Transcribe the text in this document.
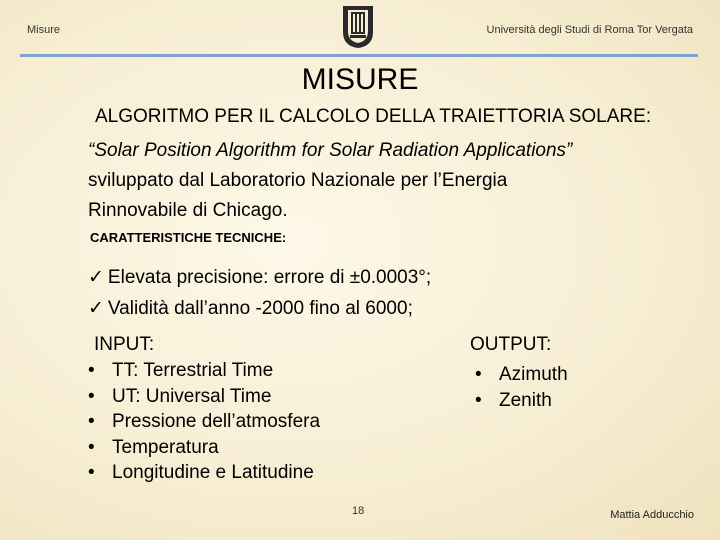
Misure	Università degli Studi di Roma Tor Vergata
MISURE
ALGORITMO PER IL CALCOLO DELLA TRAIETTORIA SOLARE:
“Solar Position Algorithm for Solar Radiation Applications”
sviluppato dal Laboratorio Nazionale per l’Energia
Rinnovabile di Chicago.
CARATTERISTICHE TECNICHE:
✓ Elevata precisione: errore di ±0.0003°;
✓ Validità dall’anno -2000 fino al 6000;
INPUT:
• TT: Terrestrial Time
• UT: Universal Time
• Pressione dell’atmosfera
• Temperatura
• Longitudine e Latitudine
OUTPUT:
• Azimuth
• Zenith
18	Mattia Adducchio
